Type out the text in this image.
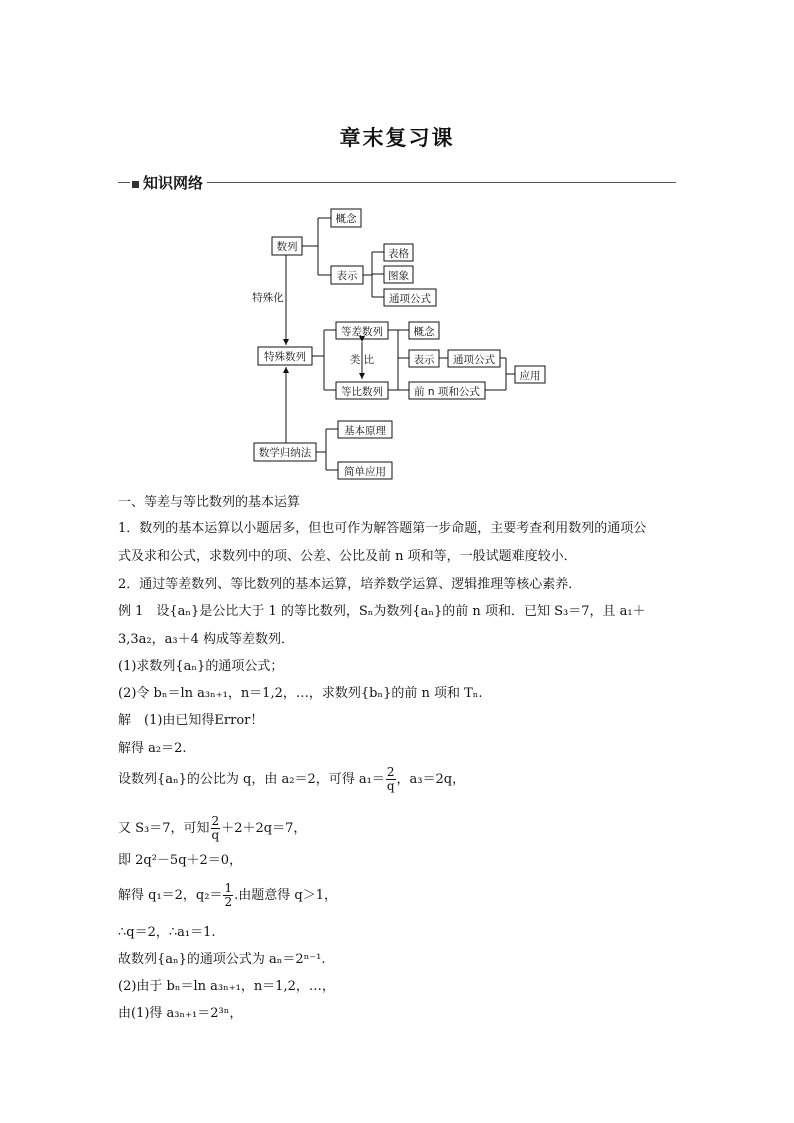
章末复习课
知识网络
数列
概念
表示
表格
图象
通项公式
特殊化
特殊数列
等差数列
等比数列
类 比
概念
表示 通项公式
前 n 项和公式
应用
数学归纳法
基本原理
简单应用
一、等差与等比数列的基本运算
1．数列的基本运算以小题居多，但也可作为解答题第一步命题，主要考查利用数列的通项公
式及求和公式，求数列中的项、公差、公比及前 n 项和等，一般试题难度较小．
2．通过等差数列、等比数列的基本运算，培养数学运算、逻辑推理等核心素养．
例 1　设{aₙ}是公比大于 1 的等比数列，Sₙ为数列{aₙ}的前 n 项和．已知 S₃＝7，且 a₁＋
3,3a₂，a₃＋4 构成等差数列．
(1)求数列{aₙ}的通项公式；
(2)令 bₙ＝ln a₃ₙ₊₁，n＝1,2，…，求数列{bₙ}的前 n 项和 Tₙ.
解　(1)由已知得Error！
解得 a₂＝2.
设数列{aₙ}的公比为 q，由 a₂＝2，可得 $a_1= \frac{2}{q}$ ，a₃＝2q，
又 S₃＝7，可知 $\frac{2}{q} +2+2q=7$，
即 2q²－5q＋2＝0，
解得 q₁＝2，$q_2= \frac{1}{2}$ .由题意得 q＞1，
∴q＝2，∴a₁＝1.
故数列{aₙ}的通项公式为 aₙ＝2ⁿ⁻¹.
(2)由于 bₙ＝ln a₃ₙ₊₁，n＝1,2，…，
由(1)得 a₃ₙ₊₁＝2³ⁿ，
